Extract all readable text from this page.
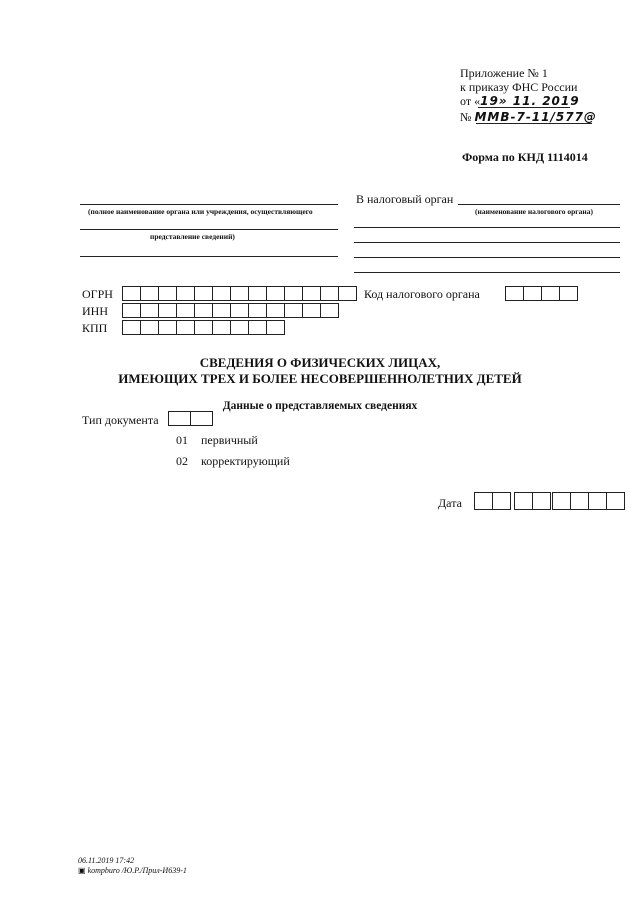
Приложение № 1
к приказу ФНС России
от «19» 11. 2019
№ ММВ-7-11/577@
Форма по КНД 1114014
(полное наименование органа или учреждения, осуществляющего
представление сведений)
В налоговый орган
(наименование налогового органа)
ОГРН
ИНН
КПП
Код налогового органа
СВЕДЕНИЯ О ФИЗИЧЕСКИХ ЛИЦАХ,
ИМЕЮЩИХ ТРЕХ И БОЛЕЕ НЕСОВЕРШЕННОЛЕТНИХ ДЕТЕЙ
Данные о представляемых сведениях
Тип документа
01 первичный
02 корректирующий
Дата
06.11.2019 17:42
▣ kompburo /Ю.Р./Прил-И639-1
